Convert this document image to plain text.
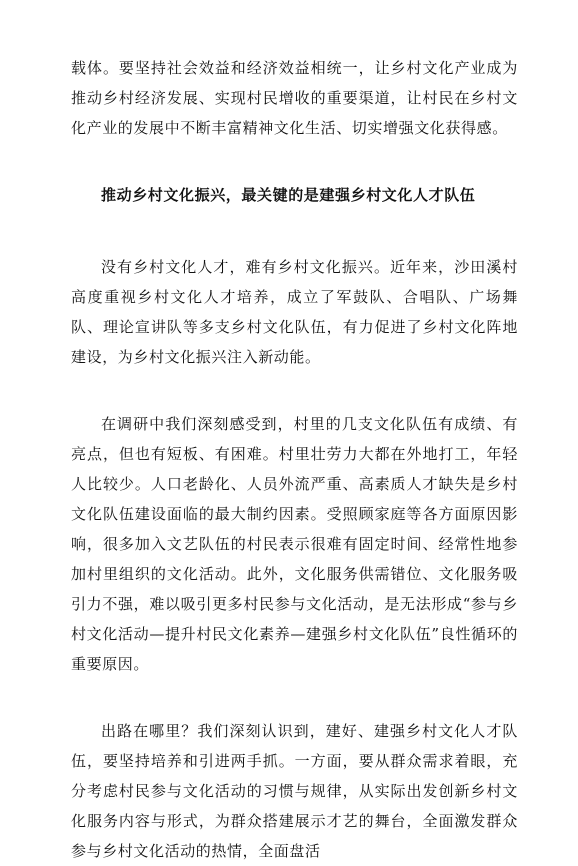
载体。要坚持社会效益和经济效益相统一，让乡村文化产业成为推动乡村经济发展、实现村民增收的重要渠道，让村民在乡村文化产业的发展中不断丰富精神文化生活、切实增强文化获得感。

推动乡村文化振兴，最关键的是建强乡村文化人才队伍

没有乡村文化人才，难有乡村文化振兴。近年来，沙田溪村高度重视乡村文化人才培养，成立了军鼓队、合唱队、广场舞队、理论宣讲队等多支乡村文化队伍，有力促进了乡村文化阵地建设，为乡村文化振兴注入新动能。

在调研中我们深刻感受到，村里的几支文化队伍有成绩、有亮点，但也有短板、有困难。村里壮劳力大都在外地打工，年轻人比较少。人口老龄化、人员外流严重、高素质人才缺失是乡村文化队伍建设面临的最大制约因素。受照顾家庭等各方面原因影响，很多加入文艺队伍的村民表示很难有固定时间、经常性地参加村里组织的文化活动。此外，文化服务供需错位、文化服务吸引力不强，难以吸引更多村民参与文化活动，是无法形成“参与乡村文化活动—提升村民文化素养—建强乡村文化队伍”良性循环的重要原因。

出路在哪里？我们深刻认识到，建好、建强乡村文化人才队伍，要坚持培养和引进两手抓。一方面，要从群众需求着眼，充分考虑村民参与文化活动的习惯与规律，从实际出发创新乡村文化服务内容与形式，为群众搭建展示才艺的舞台，全面激发群众参与乡村文化活动的热情，全面盘活
